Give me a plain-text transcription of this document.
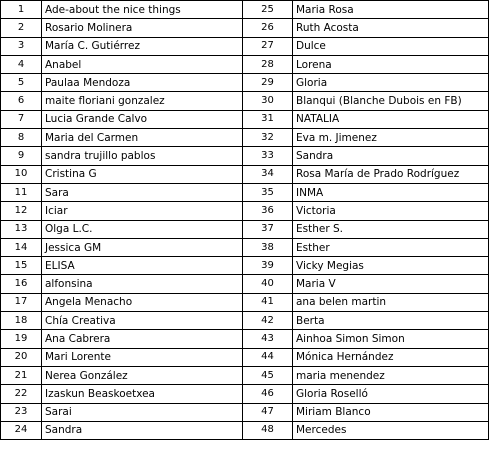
1	Ade-about the nice things	25	Maria Rosa
2	Rosario Molinera	26	Ruth Acosta
3	María C. Gutiérrez	27	Dulce
4	Anabel	28	Lorena
5	Paulaa Mendoza	29	Gloria
6	maite floriani gonzalez	30	Blanqui (Blanche Dubois en FB)
7	Lucia Grande Calvo	31	NATALIA
8	Maria del Carmen	32	Eva m. Jimenez
9	sandra trujillo pablos	33	Sandra
10	Cristina G	34	Rosa María de Prado Rodríguez
11	Sara	35	INMA
12	Iciar	36	Victoria
13	Olga L.C.	37	Esther S.
14	Jessica GM	38	Esther
15	ELISA	39	Vicky Megias
16	alfonsina	40	Maria V
17	Angela Menacho	41	ana belen martin
18	Chía Creativa	42	Berta
19	Ana Cabrera	43	Ainhoa Simon Simon
20	Mari Lorente	44	Mónica Hernández
21	Nerea González	45	maria menendez
22	Izaskun Beaskoetxea	46	Gloria Roselló
23	Sarai	47	Miriam Blanco
24	Sandra	48	Mercedes
